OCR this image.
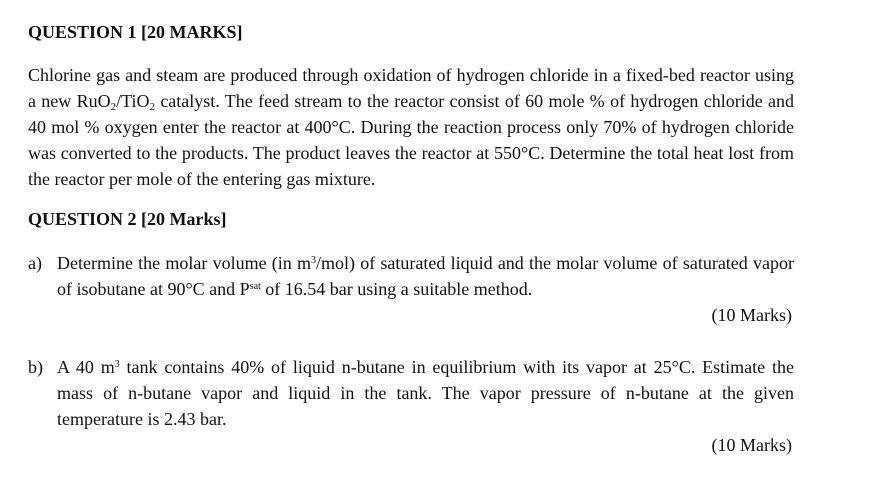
QUESTION 1 [20 MARKS]
Chlorine gas and steam are produced through oxidation of hydrogen chloride in a fixed-bed reactor using a new RuO$_2$/TiO$_2$ catalyst. The feed stream to the reactor consist of 60 mole % of hydrogen chloride and 40 mol % oxygen enter the reactor at 400°C. During the reaction process only 70% of hydrogen chloride was converted to the products. The product leaves the reactor at 550°C. Determine the total heat lost from the reactor per mole of the entering gas mixture.
QUESTION 2 [20 Marks]
a) Determine the molar volume (in $m^3/mol$) of saturated liquid and the molar volume of saturated vapor of isobutane at 90°C and $P^{sat}$ of 16.54 bar using a suitable method.
(10 Marks)
b) A 40 $m^3$ tank contains 40% of liquid n-butane in equilibrium with its vapor at 25°C. Estimate the mass of n-butane vapor and liquid in the tank. The vapor pressure of n-butane at the given temperature is 2.43 bar.
(10 Marks)
